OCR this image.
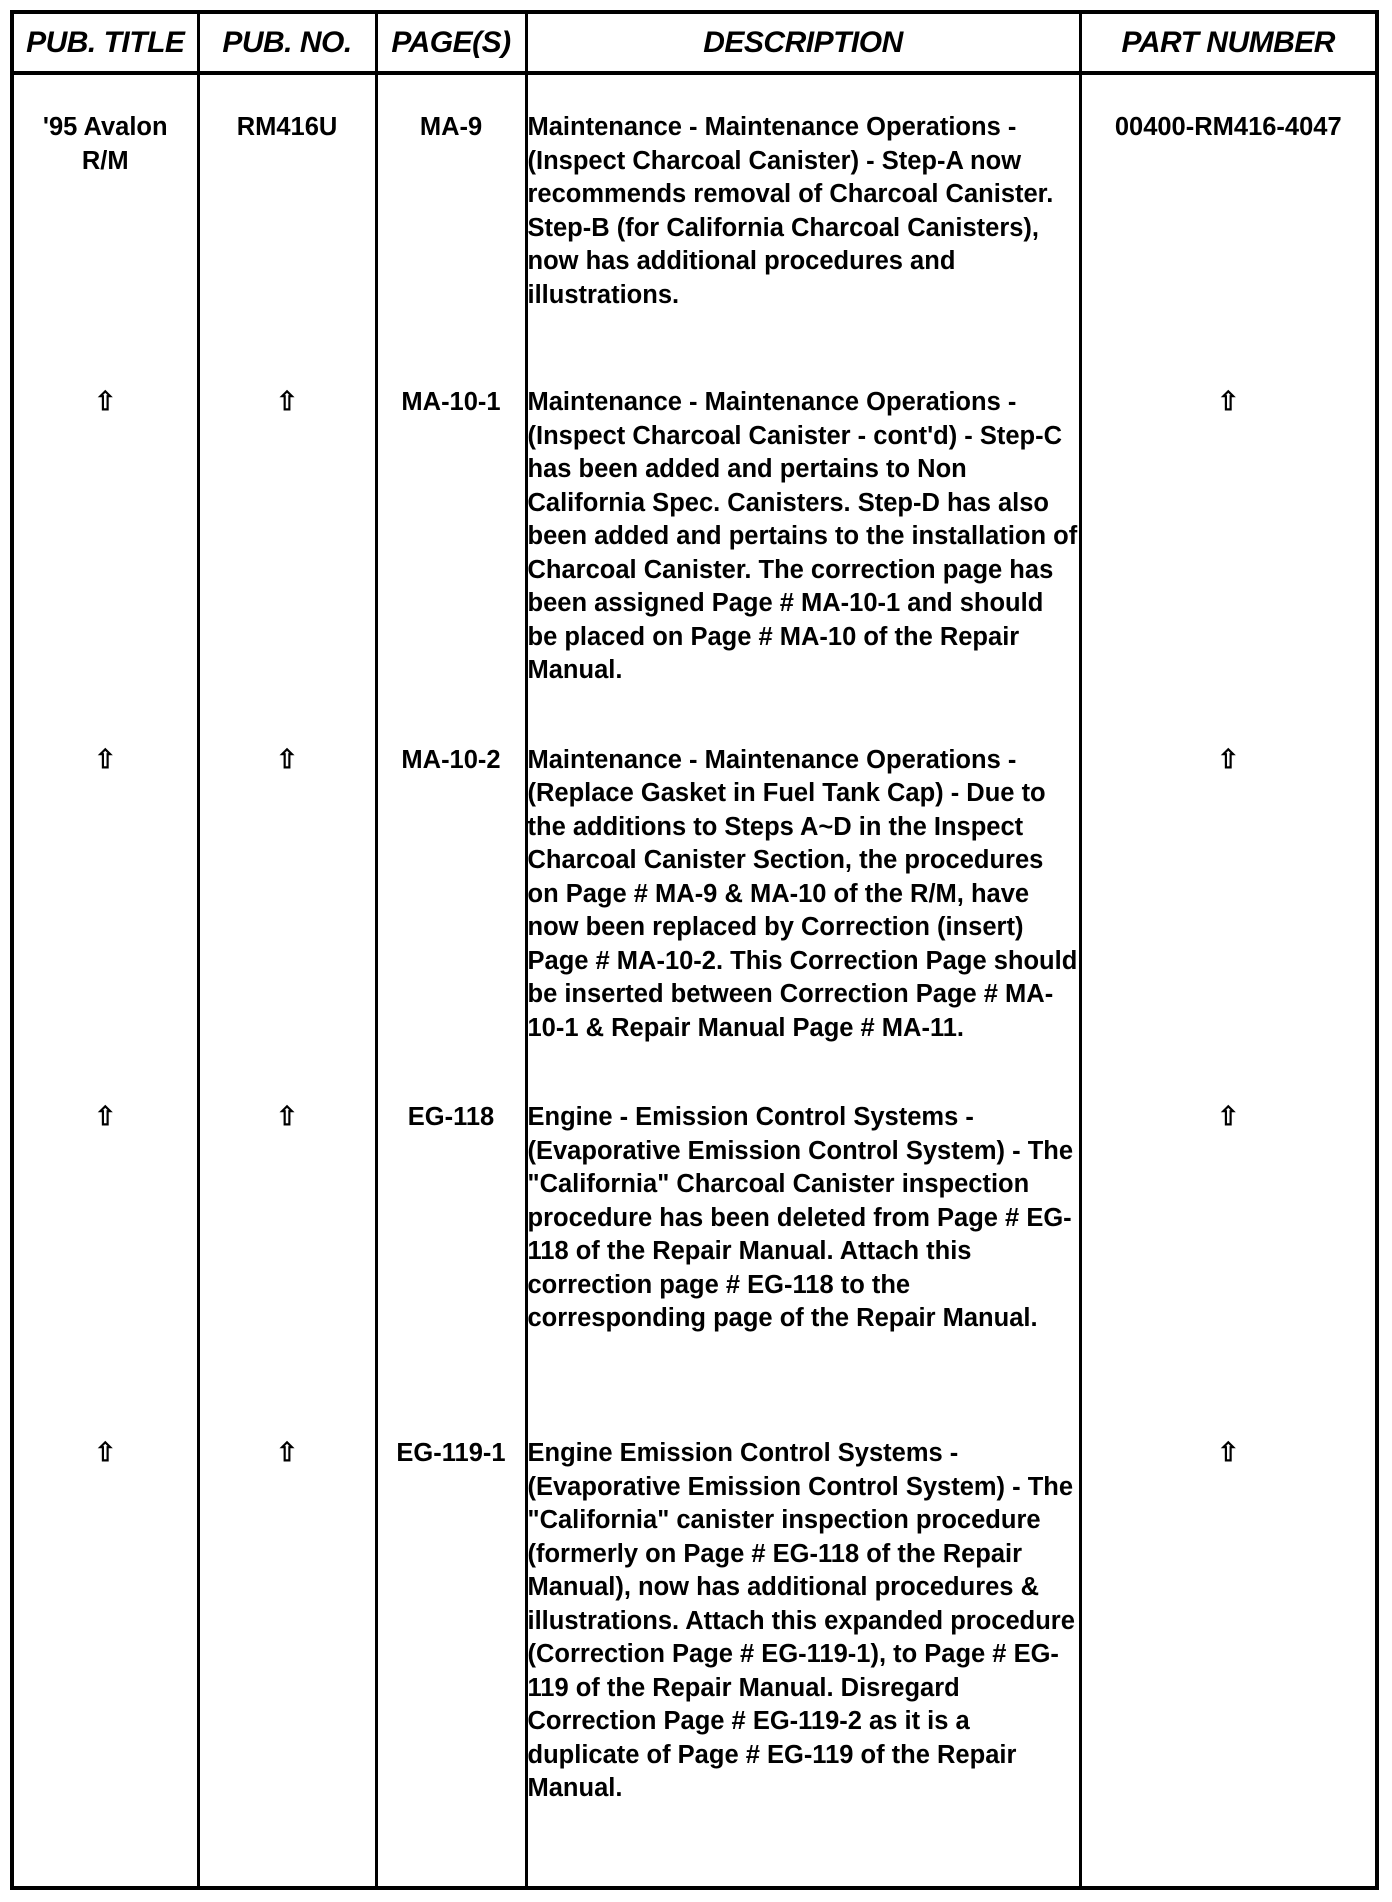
PUB. TITLE	PUB. NO.	PAGE(S)	DESCRIPTION	PART NUMBER

'95 Avalon
R/M	RM416U	MA-9	Maintenance - Maintenance Operations - (Inspect Charcoal Canister) - Step-A now recommends removal of Charcoal Canister. Step-B (for California Charcoal Canisters), now has additional procedures and illustrations.	00400-RM416-4047

⇧	⇧	MA-10-1	Maintenance - Maintenance Operations - (Inspect Charcoal Canister - cont'd) - Step-C has been added and pertains to Non California Spec. Canisters. Step-D has also been added and pertains to the installation of Charcoal Canister. The correction page has been assigned Page # MA-10-1 and should be placed on Page # MA-10 of the Repair Manual.	⇧

⇧	⇧	MA-10-2	Maintenance - Maintenance Operations - (Replace Gasket in Fuel Tank Cap) - Due to the additions to Steps A~D in the Inspect Charcoal Canister Section, the procedures on Page # MA-9 & MA-10 of the R/M, have now been replaced by Correction (insert) Page # MA-10-2. This Correction Page should be inserted between Correction Page # MA-10-1 & Repair Manual Page # MA-11.	⇧

⇧	⇧	EG-118	Engine - Emission Control Systems - (Evaporative Emission Control System) - The "California" Charcoal Canister inspection procedure has been deleted from Page # EG-118 of the Repair Manual. Attach this correction page # EG-118 to the corresponding page of the Repair Manual.	⇧

⇧	⇧	EG-119-1	Engine Emission Control Systems - (Evaporative Emission Control System) - The "California" canister inspection procedure (formerly on Page # EG-118 of the Repair Manual), now has additional procedures & illustrations. Attach this expanded procedure (Correction Page # EG-119-1), to Page # EG-119 of the Repair Manual. Disregard Correction Page # EG-119-2 as it is a duplicate of Page # EG-119 of the Repair Manual.	⇧
